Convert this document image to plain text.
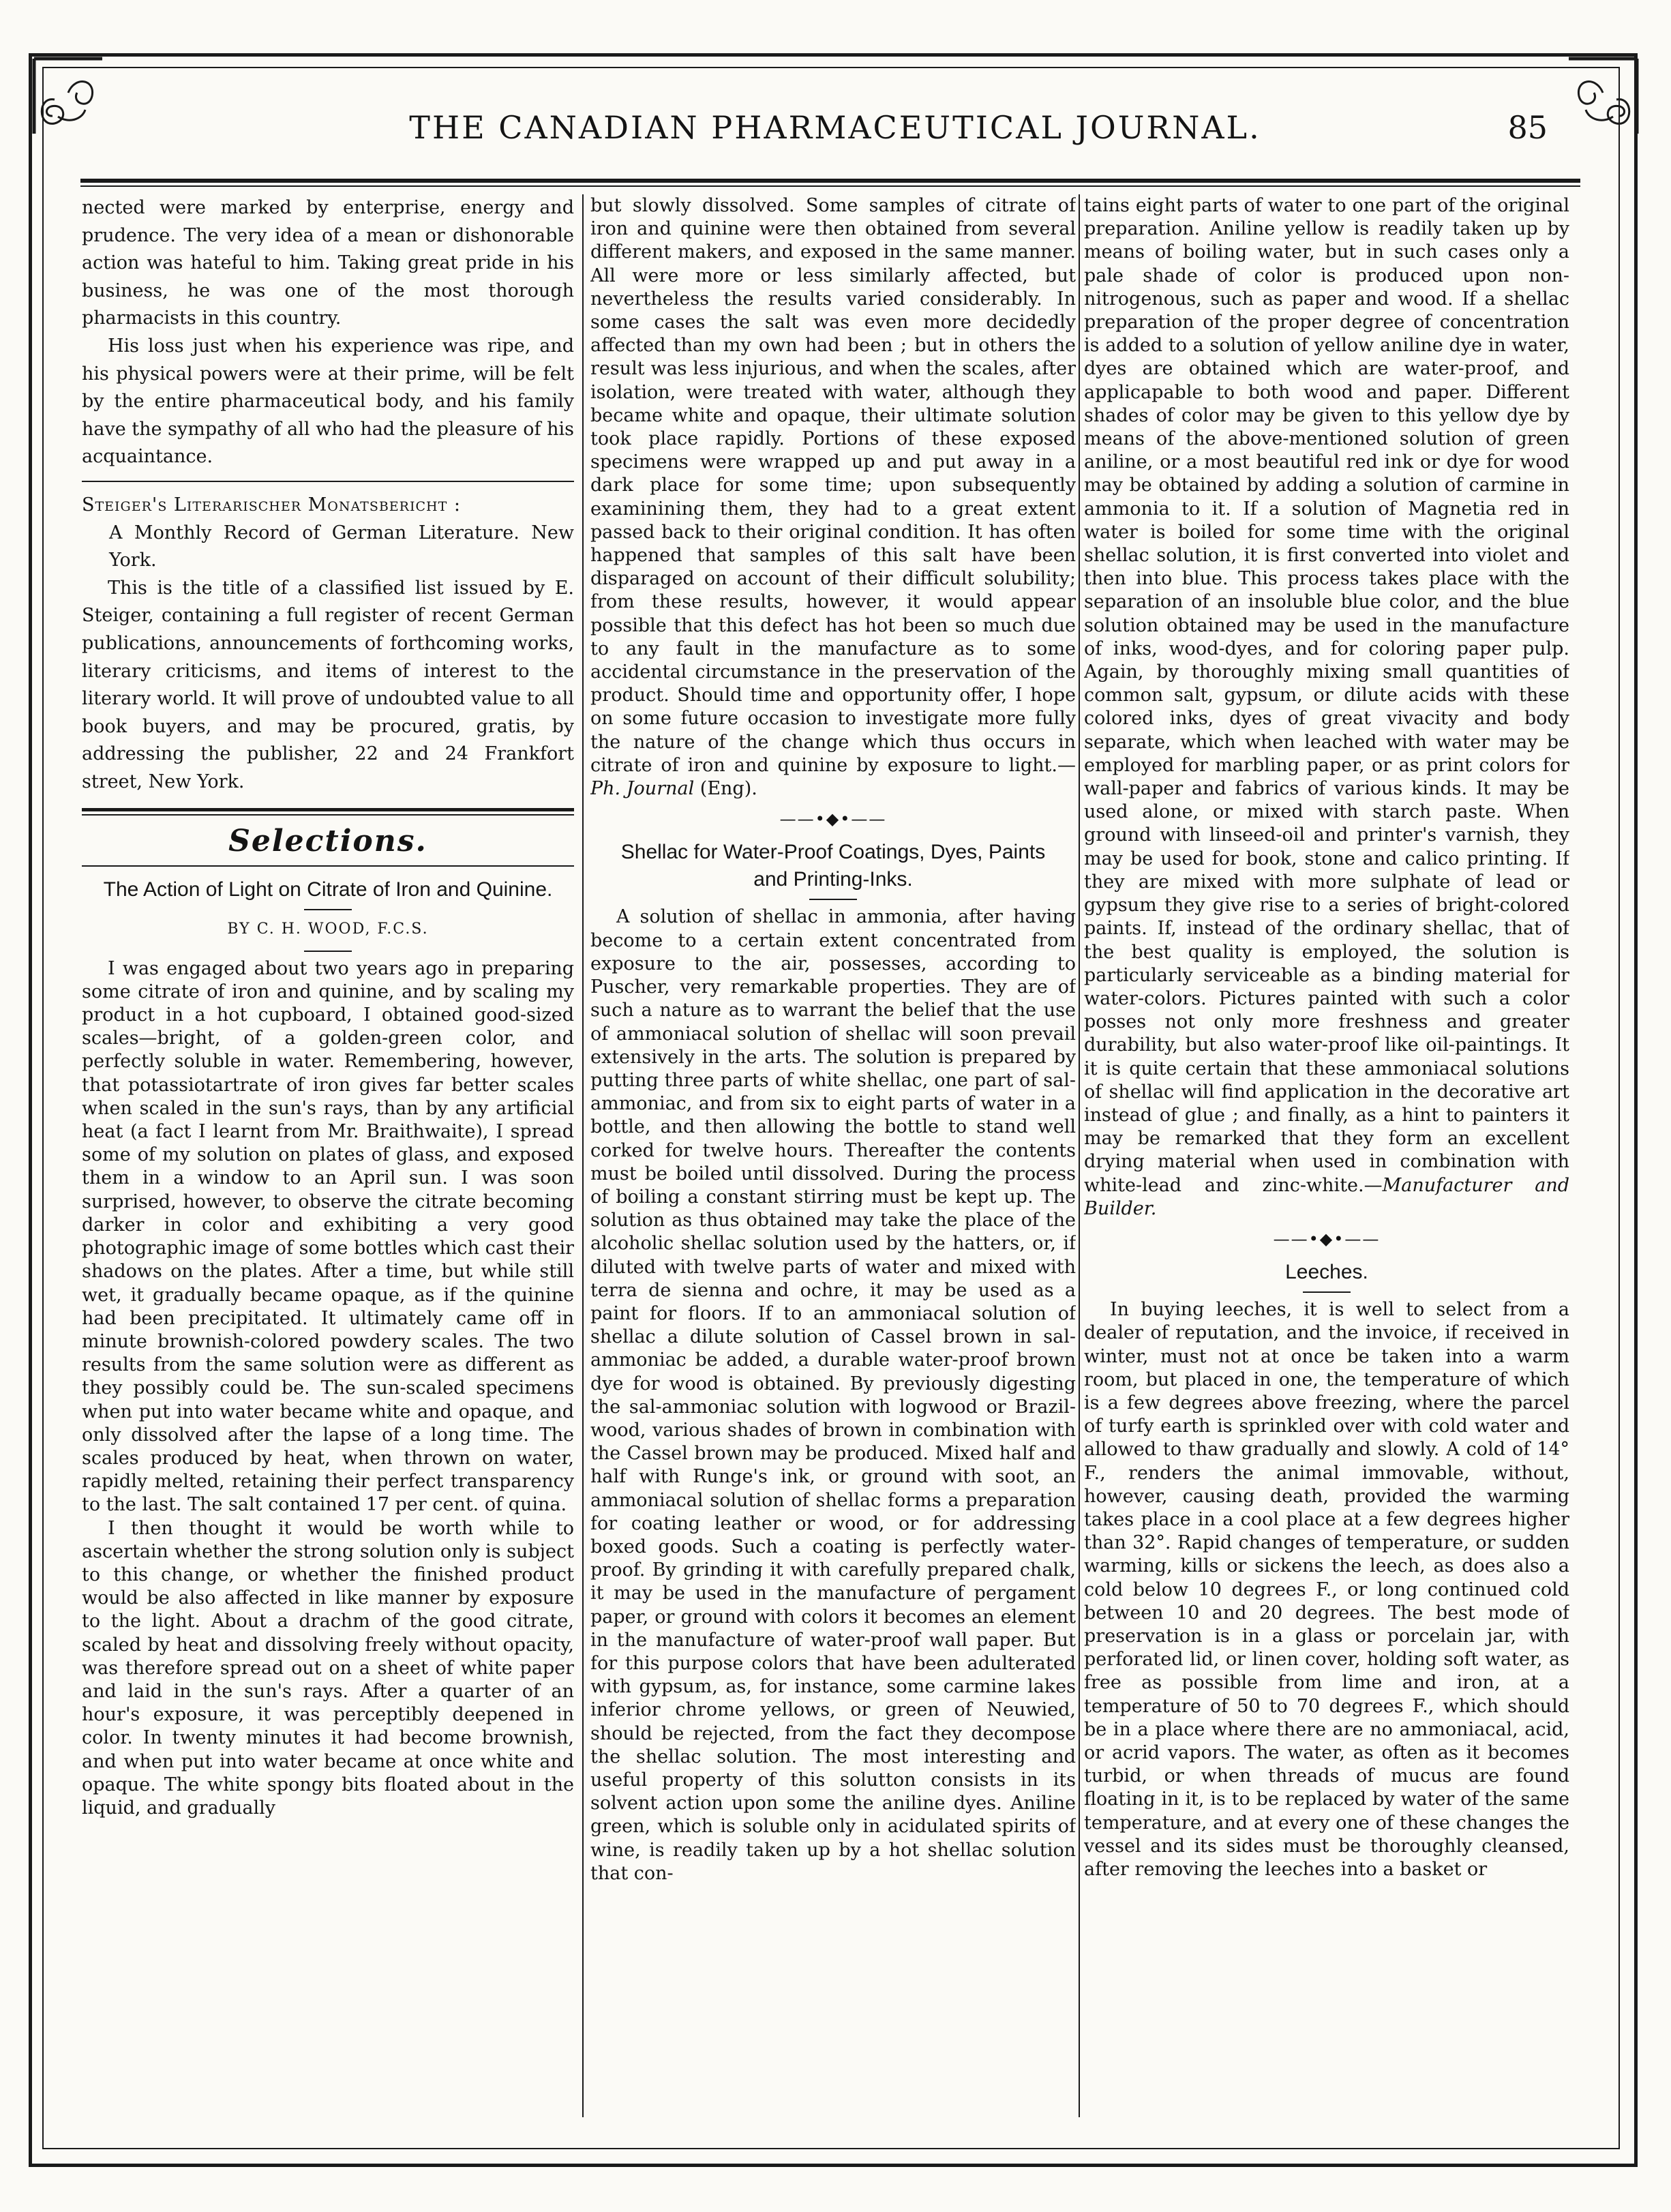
THE CANADIAN PHARMACEUTICAL JOURNAL.	85

nected were marked by enterprise, energy and prudence. The very idea of a mean or dishonorable action was hateful to him. Taking great pride in his business, he was one of the most thorough pharmacists in this country.

His loss just when his experience was ripe, and his physical powers were at their prime, will be felt by the entire pharmaceutical body, and his family have the sympathy of all who had the pleasure of his acquaintance.

Steiger's Literarischer Monatsbericht :

A Monthly Record of German Literature. New York.

This is the title of a classified list issued by E. Steiger, containing a full register of recent German publications, announcements of forthcoming works, literary criticisms, and items of interest to the literary world. It will prove of undoubted value to all book buyers, and may be procured, gratis, by addressing the publisher, 22 and 24 Frankfort street, New York.

Selections.
The Action of Light on Citrate of Iron and Quinine.
BY C. H. WOOD, F.C.S.

I was engaged about two years ago in preparing some citrate of iron and quinine, and by scaling my product in a hot cupboard, I obtained good-sized scales—bright, of a golden-green color, and perfectly soluble in water. Remembering, however, that potassiotartrate of iron gives far better scales when scaled in the sun's rays, than by any artificial heat (a fact I learnt from Mr. Braithwaite), I spread some of my solution on plates of glass, and exposed them in a window to an April sun. I was soon surprised, however, to observe the citrate becoming darker in color and exhibiting a very good photographic image of some bottles which cast their shadows on the plates. After a time, but while still wet, it gradually became opaque, as if the quinine had been precipitated. It ultimately came off in minute brownish-colored powdery scales. The two results from the same solution were as different as they possibly could be. The sun-scaled specimens when put into water became white and opaque, and only dissolved after the lapse of a long time. The scales produced by heat, when thrown on water, rapidly melted, retaining their perfect transparency to the last. The salt contained 17 per cent. of quina.

I then thought it would be worth while to ascertain whether the strong solution only is subject to this change, or whether the finished product would be also affected in like manner by exposure to the light. About a drachm of the good citrate, scaled by heat and dissolving freely without opacity, was therefore spread out on a sheet of white paper and laid in the sun's rays. After a quarter of an hour's exposure, it was perceptibly deepened in color. In twenty minutes it had become brownish, and when put into water became at once white and opaque. The white spongy bits floated about in the liquid, and gradually

but slowly dissolved. Some samples of citrate of iron and quinine were then obtained from several different makers, and exposed in the same manner. All were more or less similarly affected, but nevertheless the results varied considerably. In some cases the salt was even more decidedly affected than my own had been ; but in others the result was less injurious, and when the scales, after isolation, were treated with water, although they became white and opaque, their ultimate solution took place rapidly. Portions of these exposed specimens were wrapped up and put away in a dark place for some time; upon subsequently examinining them, they had to a great extent passed back to their original condition. It has often happened that samples of this salt have been disparaged on account of their difficult solubility; from these results, however, it would appear possible that this defect has hot been so much due to any fault in the manufacture as to some accidental circumstance in the preservation of the product. Should time and opportunity offer, I hope on some future occasion to investigate more fully the nature of the change which thus occurs in citrate of iron and quinine by exposure to light.—Ph. Journal (Eng).

——•◆•——
Shellac for Water-Proof Coatings, Dyes, Paints and Printing-Inks.

A solution of shellac in ammonia, after having become to a certain extent concentrated from exposure to the air, possesses, according to Puscher, very remarkable properties. They are of such a nature as to warrant the belief that the use of ammoniacal solution of shellac will soon prevail extensively in the arts. The solution is prepared by putting three parts of white shellac, one part of sal-ammoniac, and from six to eight parts of water in a bottle, and then allowing the bottle to stand well corked for twelve hours. Thereafter the contents must be boiled until dissolved. During the process of boiling a constant stirring must be kept up. The solution as thus obtained may take the place of the alcoholic shellac solution used by the hatters, or, if diluted with twelve parts of water and mixed with terra de sienna and ochre, it may be used as a paint for floors. If to an ammoniacal solution of shellac a dilute solution of Cassel brown in sal-ammoniac be added, a durable water-proof brown dye for wood is obtained. By previously digesting the sal-ammoniac solution with logwood or Brazil-wood, various shades of brown in combination with the Cassel brown may be produced. Mixed half and half with Runge's ink, or ground with soot, an ammoniacal solution of shellac forms a preparation for coating leather or wood, or for addressing boxed goods. Such a coating is perfectly water-proof. By grinding it with carefully prepared chalk, it may be used in the manufacture of pergament paper, or ground with colors it becomes an element in the manufacture of water-proof wall paper. But for this purpose colors that have been adulterated with gypsum, as, for instance, some carmine lakes inferior chrome yellows, or green of Neuwied, should be rejected, from the fact they decompose the shellac solution. The most interesting and useful property of this solutton consists in its solvent action upon some the aniline dyes. Aniline green, which is soluble only in acidulated spirits of wine, is readily taken up by a hot shellac solution that con-

tains eight parts of water to one part of the original preparation. Aniline yellow is readily taken up by means of boiling water, but in such cases only a pale shade of color is produced upon non-nitrogenous, such as paper and wood. If a shellac preparation of the proper degree of concentration is added to a solution of yellow aniline dye in water, dyes are obtained which are water-proof, and applicapable to both wood and paper. Different shades of color may be given to this yellow dye by means of the above-mentioned solution of green aniline, or a most beautiful red ink or dye for wood may be obtained by adding a solution of carmine in ammonia to it. If a solution of Magnetia red in water is boiled for some time with the original shellac solution, it is first converted into violet and then into blue. This process takes place with the separation of an insoluble blue color, and the blue solution obtained may be used in the manufacture of inks, wood-dyes, and for coloring paper pulp. Again, by thoroughly mixing small quantities of common salt, gypsum, or dilute acids with these colored inks, dyes of great vivacity and body separate, which when leached with water may be employed for marbling paper, or as print colors for wall-paper and fabrics of various kinds. It may be used alone, or mixed with starch paste. When ground with linseed-oil and printer's varnish, they may be used for book, stone and calico printing. If they are mixed with more sulphate of lead or gypsum they give rise to a series of bright-colored paints. If, instead of the ordinary shellac, that of the best quality is employed, the solution is particularly serviceable as a binding material for water-colors. Pictures painted with such a color posses not only more freshness and greater durability, but also water-proof like oil-paintings. It it is quite certain that these ammoniacal solutions of shellac will find application in the decorative art instead of glue ; and finally, as a hint to painters it may be remarked that they form an excellent drying material when used in combination with white-lead and zinc-white.—Manufacturer and Builder.

——•◆•——
Leeches.

In buying leeches, it is well to select from a dealer of reputation, and the invoice, if received in winter, must not at once be taken into a warm room, but placed in one, the temperature of which is a few degrees above freezing, where the parcel of turfy earth is sprinkled over with cold water and allowed to thaw gradually and slowly. A cold of 14° F., renders the animal immovable, without, however, causing death, provided the warming takes place in a cool place at a few degrees higher than 32°. Rapid changes of temperature, or sudden warming, kills or sickens the leech, as does also a cold below 10 degrees F., or long continued cold between 10 and 20 degrees. The best mode of preservation is in a glass or porcelain jar, with perforated lid, or linen cover, holding soft water, as free as possible from lime and iron, at a temperature of 50 to 70 degrees F., which should be in a place where there are no ammoniacal, acid, or acrid vapors. The water, as often as it becomes turbid, or when threads of mucus are found floating in it, is to be replaced by water of the same temperature, and at every one of these changes the vessel and its sides must be thoroughly cleansed, after removing the leeches into a basket or
